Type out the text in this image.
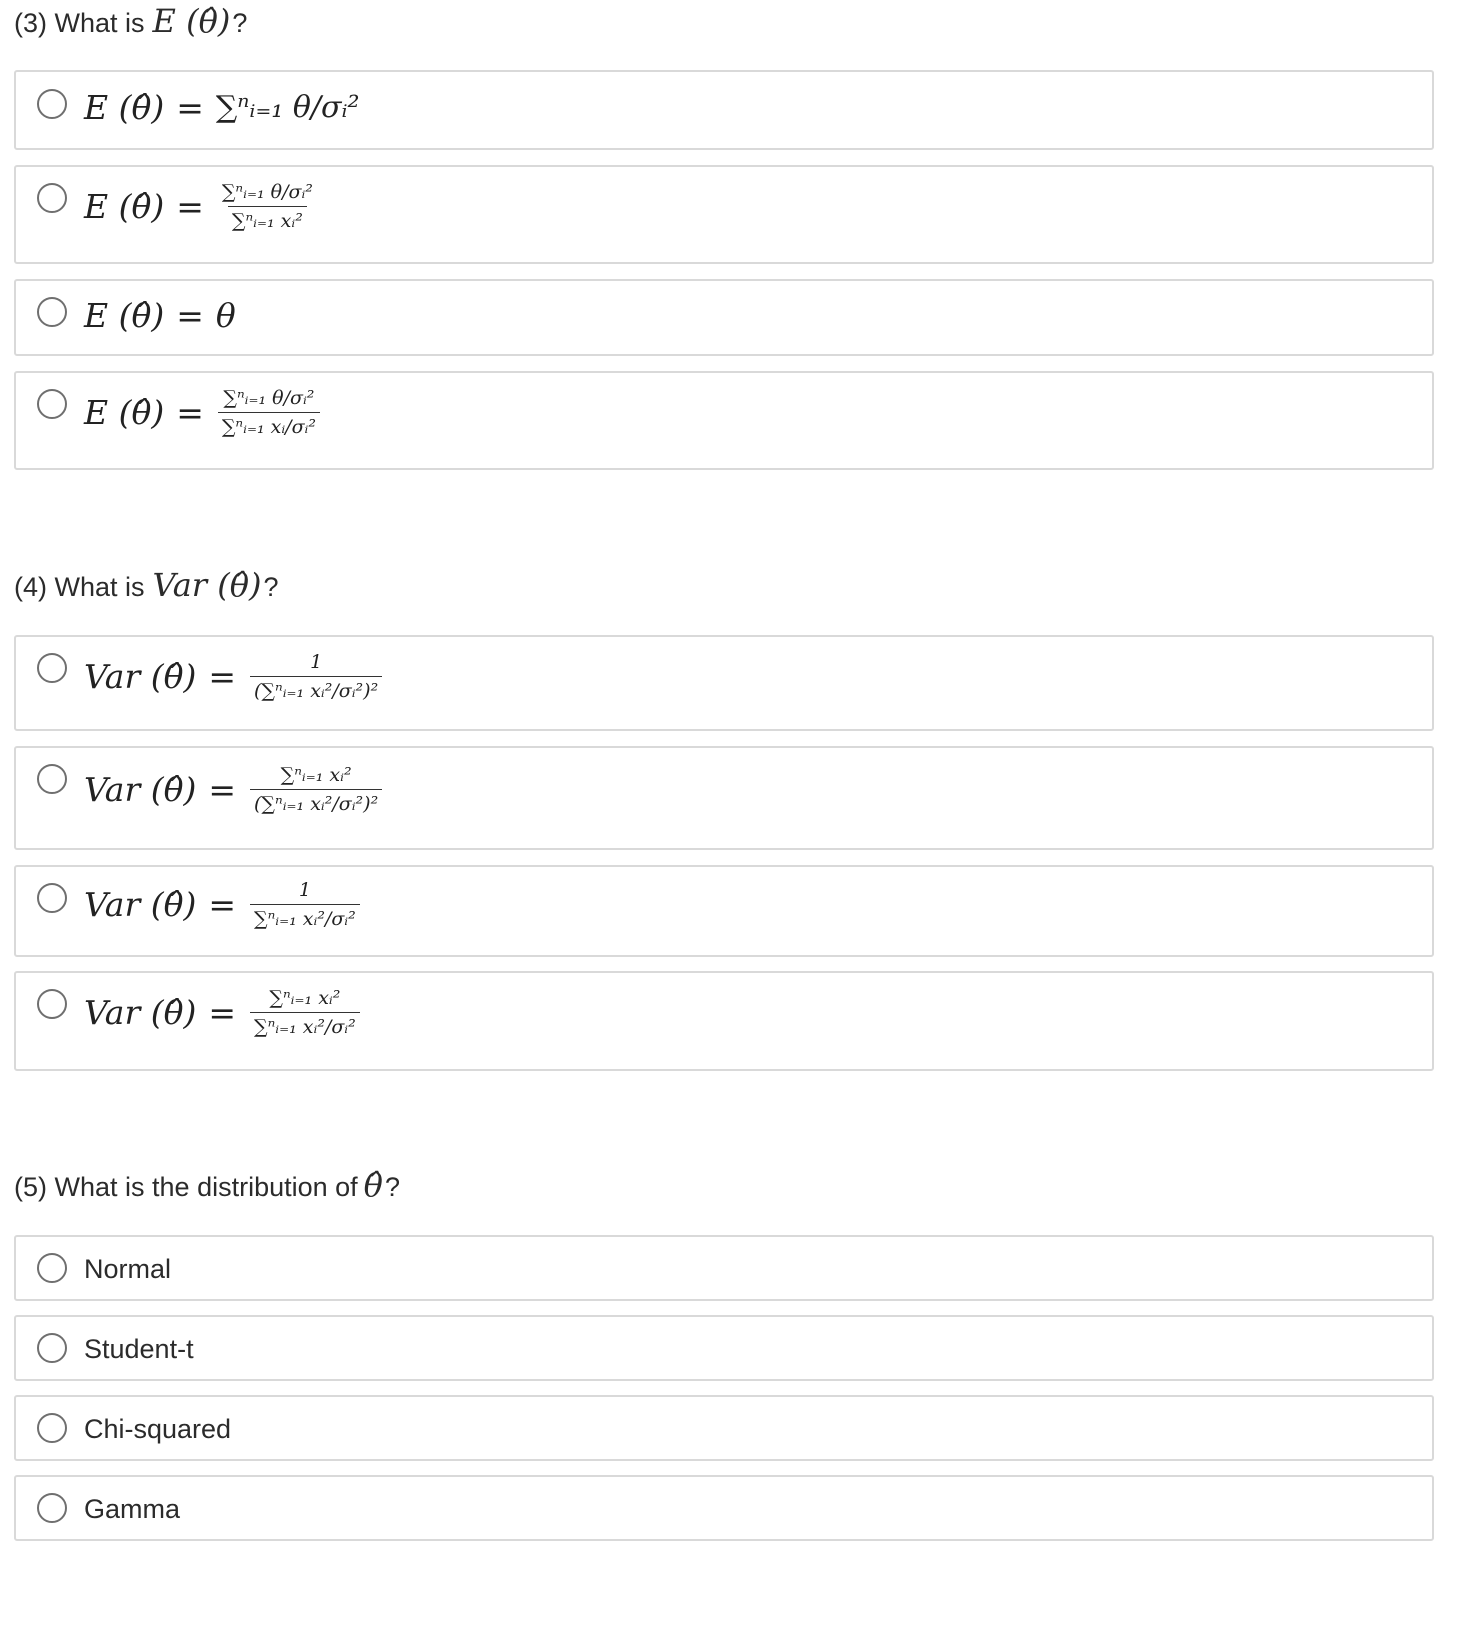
(3)
What is E (θ̂) ?
E (θ̂) = ∑ⁿᵢ₌₁ θ/σᵢ²
E (θ̂) = $\frac{\text{∑ⁿᵢ₌₁ θ/σᵢ²}}{\text{∑ⁿᵢ₌₁ xᵢ²}}$
E (θ̂) = θ
E (θ̂) = $\frac{\text{∑ⁿᵢ₌₁ θ/σᵢ²}}{\text{∑ⁿᵢ₌₁ xᵢ/σᵢ²}}$
(4)
What is Var (θ̂) ?
Var (θ̂) = $\frac{1}{\text{(∑ⁿᵢ₌₁ xᵢ²/σᵢ²)²}}$
Var (θ̂) = $\frac{\text{∑ⁿᵢ₌₁ xᵢ²}}{\text{(∑ⁿᵢ₌₁ xᵢ²/σᵢ²)²}}$
Var (θ̂) = $\frac{1}{\text{∑ⁿᵢ₌₁ xᵢ²/σᵢ²}}$
Var (θ̂) = $\frac{\text{∑ⁿᵢ₌₁ xᵢ²}}{\text{∑ⁿᵢ₌₁ xᵢ²/σᵢ²}}$
(5)
What is the distribution of θ̂ ?
Normal
Student-t
Chi-squared
Gamma
